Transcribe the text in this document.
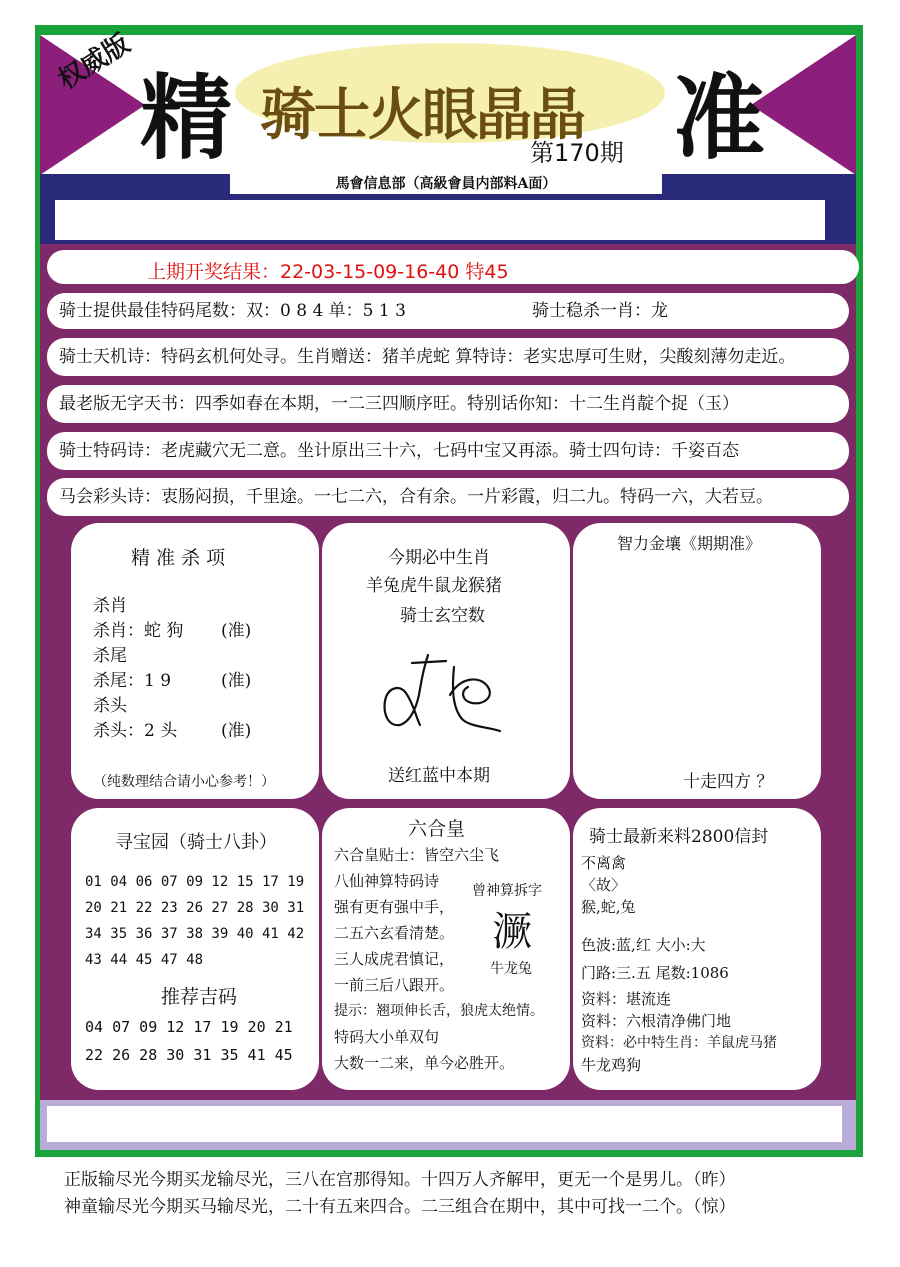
权威版
精 骑士火眼晶晶 准
第170期
馬會信息部（高級會員内部料A面）
上期开奖结果：22-03-15-09-16-40 特45
骑士提供最佳特码尾数：双：0 8 4 单：5 1 3	骑士稳杀一肖：龙
骑士天机诗：特码玄机何处寻。生肖赠送：猪羊虎蛇 算特诗：老实忠厚可生财，尖酸刻薄勿走近。
最老版无字天书：四季如春在本期，一二三四顺序旺。特别话你知：十二生肖靛个捉（玉）
骑士特码诗：老虎藏穴无二意。坐计原出三十六，七码中宝又再添。骑士四句诗：千姿百态
马会彩头诗：衷肠闷损，千里途。一七二六，合有余。一片彩霞，归二九。特码一六，大若豆。
精 准 杀 项
杀肖
杀肖：蛇 狗 (准)
杀尾
杀尾：1 9	(准)
杀头
杀头：2 头	(准)
（纯数理结合请小心参考！）
今期必中生肖
羊兔虎牛鼠龙猴猪
骑士玄空数
送红蓝中本期
智力金壤《期期准》
十走四方 ？
寻宝园（骑士八卦）
01 04 06 07 09 12 15 17 19
20 21 22 23 26 27 28 30 31
34 35 36 37 38 39 40 41 42
43 44 45 47 48
推荐吉码
04 07 09 12 17 19 20 21
22 26 28 30 31 35 41 45
六合皇
六合皇贴士：皆空六尘飞
八仙神算特码诗
强有更有强中手，
二五六玄看清楚。
三人成虎君慎记，
一前三后八跟开。
提示：翘项伸长舌，狼虎太绝情。
特码大小单双句
大数一二来，单今必胜开。
曾神算拆字
㵐
牛龙兔
骑士最新来料2800信封
不离禽
〈故〉
猴,蛇,兔
色波:蓝,红 大小:大
门路:三.五 尾数:1086
资料：堪流连
资料：六根清净佛门地
资料：必中特生肖：羊鼠虎马猪
牛龙鸡狗
正版输尽光今期买龙输尽光，三八在宫那得知。十四万人齐解甲，更无一个是男儿。（昨）
神童输尽光今期买马输尽光，二十有五来四合。二三组合在期中，其中可找一二个。（惊）
